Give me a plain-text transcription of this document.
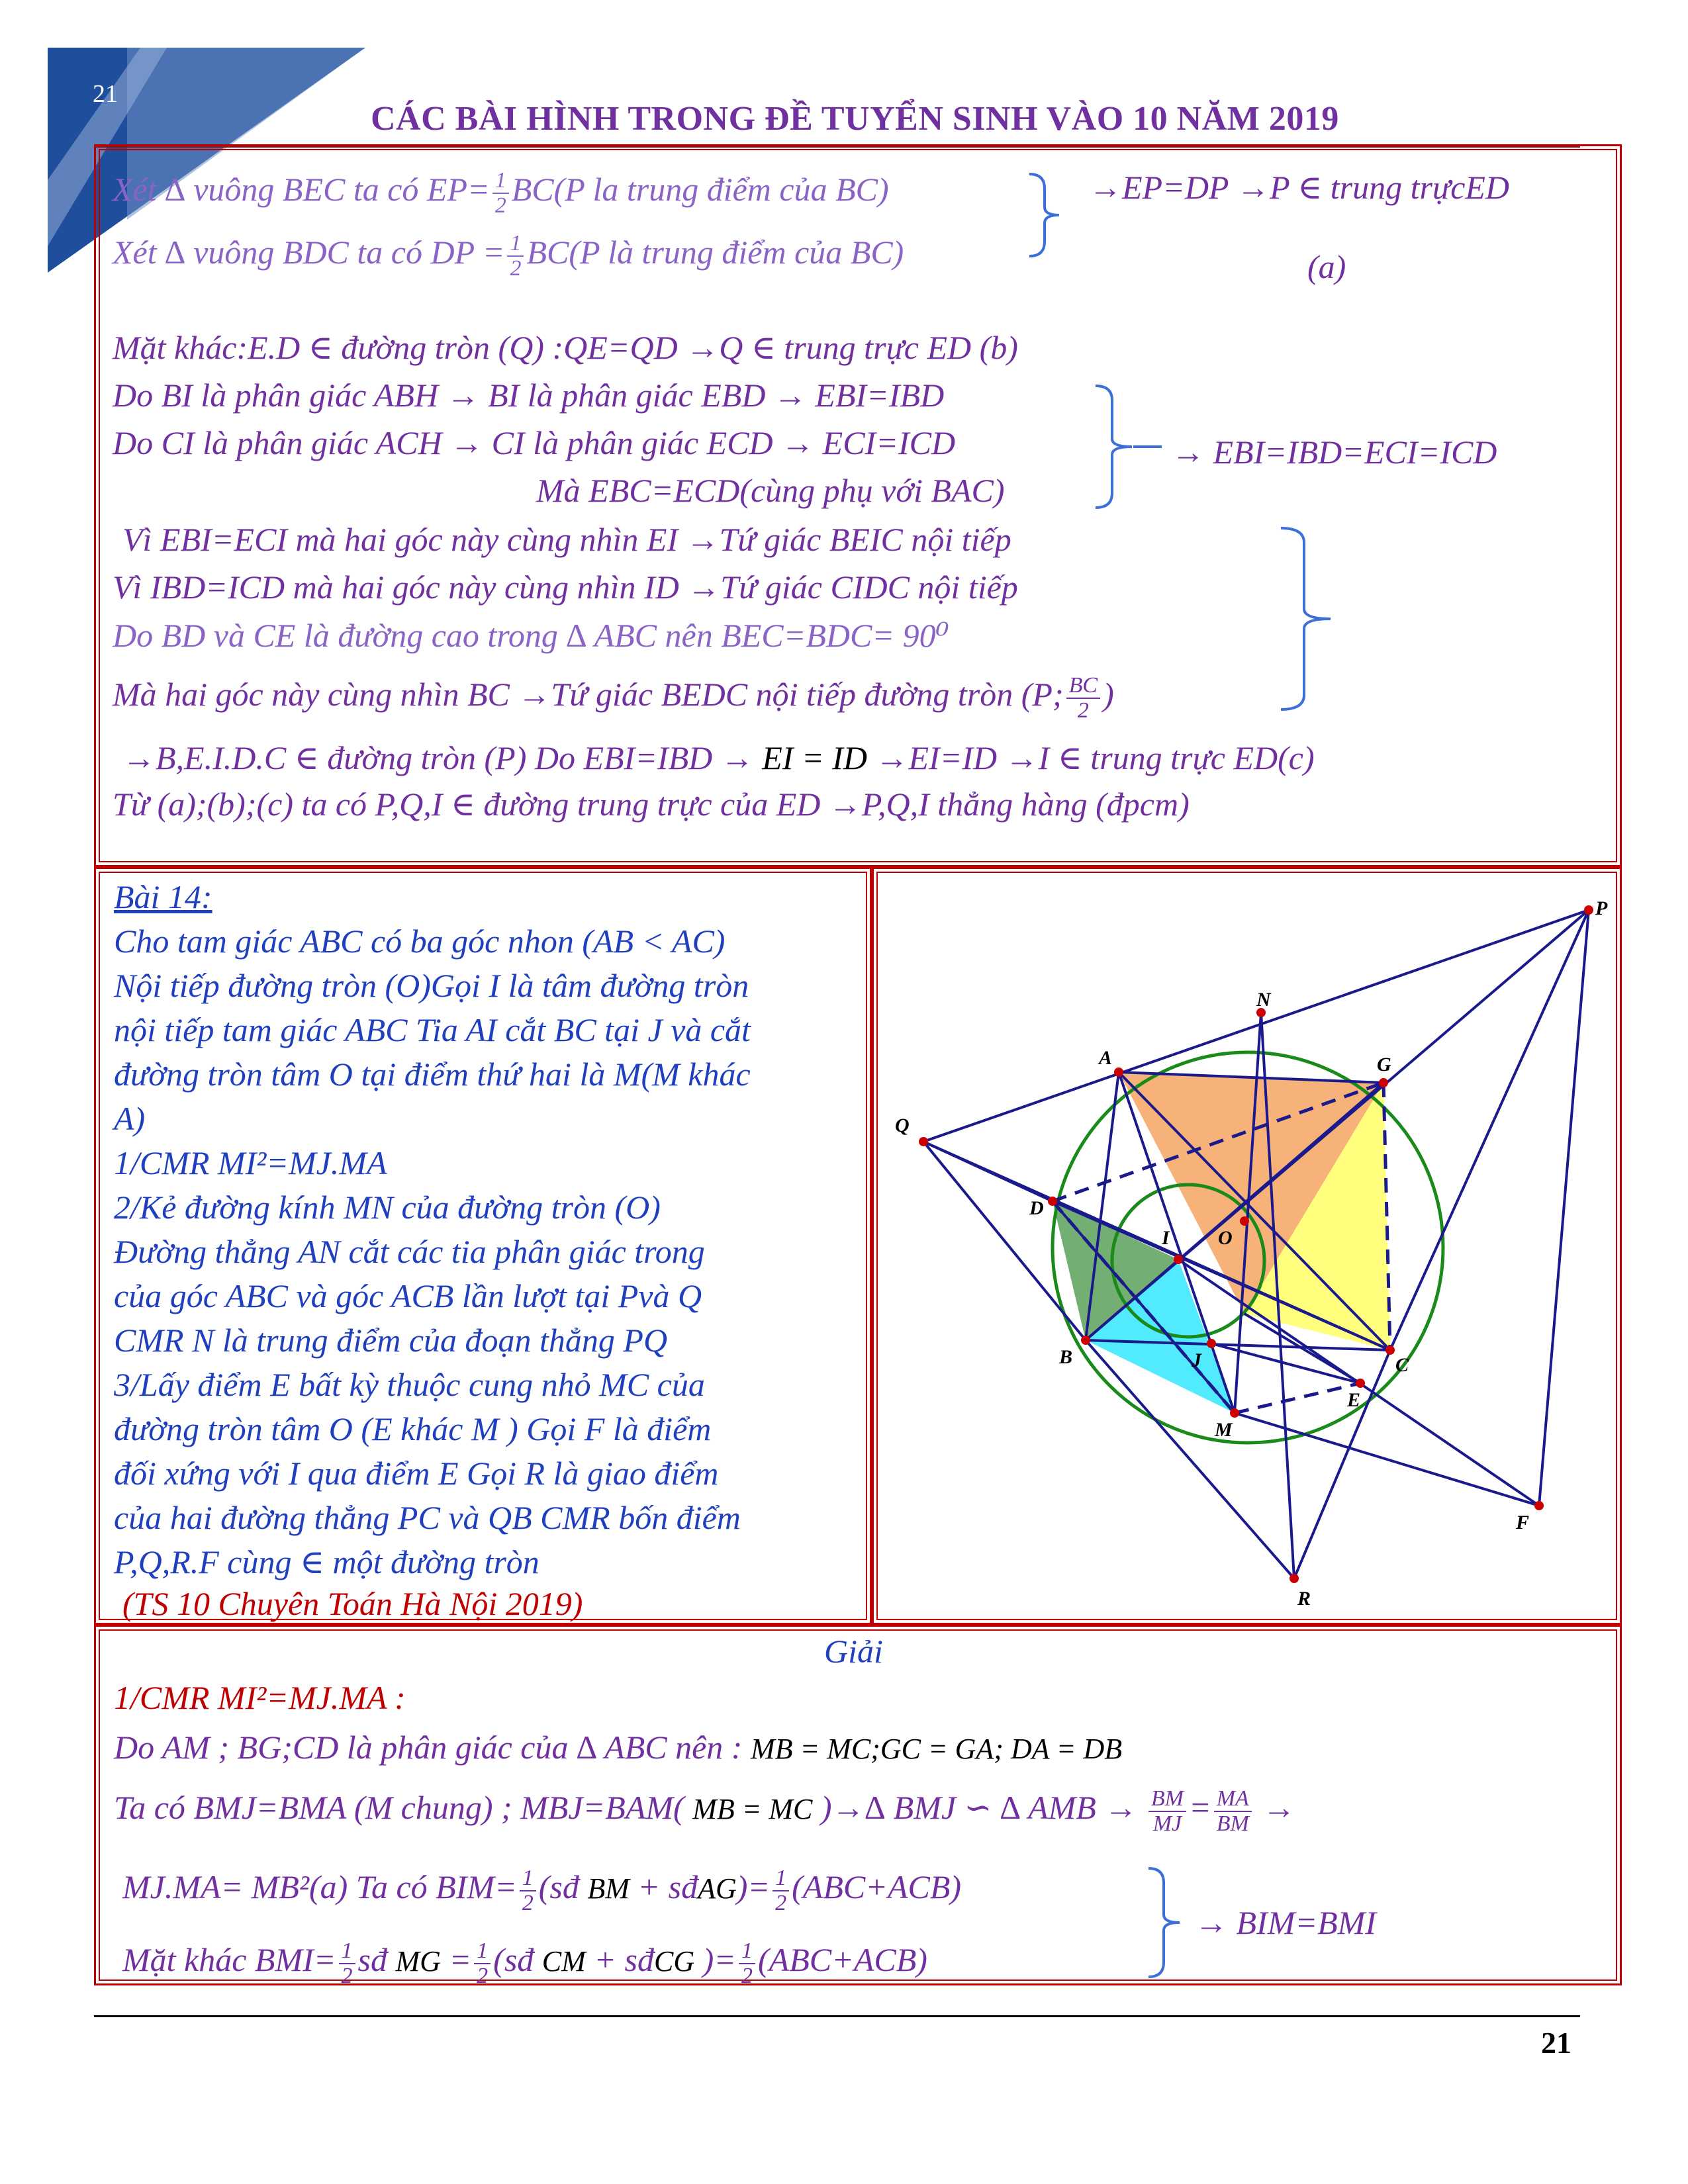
21
CÁC BÀI HÌNH TRONG ĐỀ TUYỂN SINH VÀO 10 NĂM 2019
Xét ∆ vuông BEC ta có $EP= \frac{1}{2} BC(P$ la trung điểm của BC)	→EP=DP →P ∈ trung trựcED
Xét ∆ vuông BDC ta có DP = $\frac{1}{2} BC(P$ là trung điểm của BC)	(a)
Mặt khác:E.D ∈ đường tròn (Q) :QE=QD →Q ∈ trung trực ED (b)
Do BI là phân giác ABH → BI là phân giác EBD → EBI=IBD
Do CI là phân giác ACH → CI là phân giác ECD → ECI=ICD
Mà EBC=ECD(cùng phụ với BAC)
→ EBI=IBD=ECI=ICD
Vì EBI=ECI mà hai góc này cùng nhìn EI →Tứ giác BEIC nội tiếp
Vì IBD=ICD mà hai góc này cùng nhìn ID →Tứ giác CIDC nội tiếp
Do BD và CE là đường cao trong ∆ ABC nên BEC=BDC= 90⁰
Mà hai góc này cùng nhìn BC →Tứ giác BEDC nội tiếp đường tròn (P; $\frac{BC}{2}$ )
→B,E.I.D.C ∈ đường tròn (P) Do EBI=IBD → EI = ID →EI=ID →I ∈ trung trực ED(c)
Từ (a);(b);(c) ta có P,Q,I ∈ đường trung trực của ED →P,Q,I thẳng hàng (đpcm)
Bài 14:
Cho tam giác ABC có ba góc nhon (AB < AC)
Nội tiếp đường tròn (O)Gọi I là tâm đường tròn
nội tiếp tam giác ABC Tia AI cắt BC tại J và cắt
đường tròn tâm O tại điểm thứ hai là M(M khác
A)
1/CMR MI²=MJ.MA
2/Kẻ đường kính MN của đường tròn (O)
Đường thẳng AN cắt các tia phân giác trong
của góc ABC và góc ACB lần lượt tại Pvà Q
CMR N là trung điểm của đoạn thẳng PQ
3/Lấy điểm E bất kỳ thuộc cung nhỏ MC của
đường tròn tâm O (E khác M ) Gọi F là điểm
đối xứng với I qua điểm E Gọi R là giao điểm
của hai đường thẳng PC và QB CMR bốn điểm
P,Q,R.F cùng ∈ một đường tròn
(TS 10 Chuyên Toán Hà Nội 2019)
P
N
A	G
Q
D
I O
B	J	C
E
M
F
R
Giải
1/CMR MI²=MJ.MA :
Do AM ; BG;CD là phân giác của ∆ ABC nên : MB = MC;GC = GA; DA = DB
Ta có BMJ=BMA (M chung) ; MBJ=BAM( MB = MC )→∆ BMJ ∽ ∆ AMB → $\frac{BM}{MJ} = \frac{MA}{BM}$ →
MJ.MA= MB²(a) Ta có $BIM= \frac{1}{2}$ (sđ BM + sđAG)= $\frac{1}{2} (ABC+ACB)$
→ BIM=BMI
Mặt khác $BMI= \frac{1}{2}$ sđ MG = $\frac{1}{2}$ (sđ CM + sđCG )= $\frac{1}{2} (ABC+ACB)$
21
